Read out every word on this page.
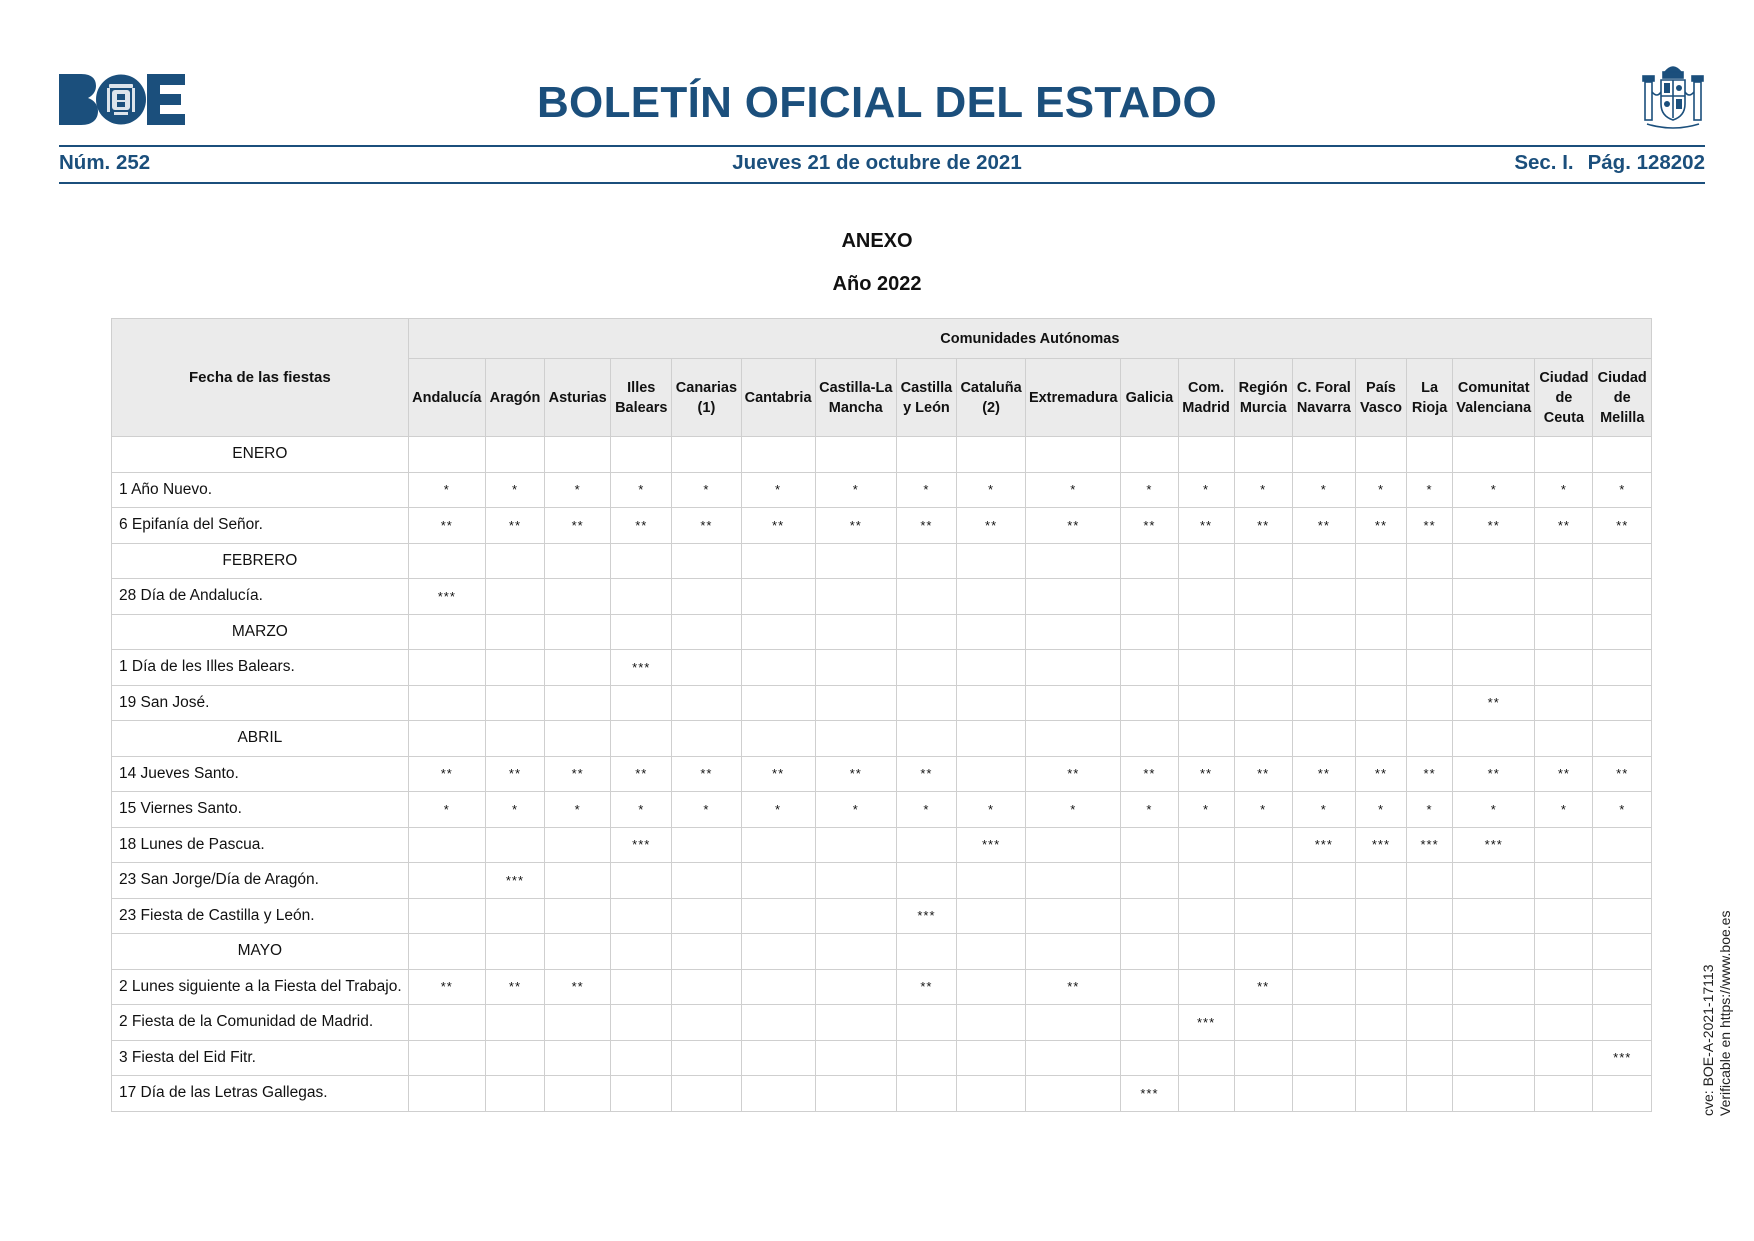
BOLETÍN OFICIAL DEL ESTADO
Núm. 252	Jueves 21 de octubre de 2021	Sec. I. Pág. 128202
ANEXO
Año 2022
Fecha de las fiestas	Comunidades Autónomas																		
	Andalucía	Aragón	Asturias	Illes Balears	Canarias (1)	Cantabria	Castilla-La Mancha	Castilla y León	Cataluña (2)	Extremadura	Galicia	Com. Madrid	Región Murcia	C. Foral Navarra	País Vasco	La Rioja	Comunitat Valenciana	Ciudad de Ceuta	Ciudad de Melilla
ENERO																			
1 Año Nuevo.	*	*	*	*	*	*	*	*	*	*	*	*	*	*	*	*	*	*	*
6 Epifanía del Señor.	**	**	**	**	**	**	**	**	**	**	**	**	**	**	**	**	**	**	**
FEBRERO																			
28 Día de Andalucía.	***																		
MARZO																			
1 Día de les Illes Balears.				***															
19 San José.																	**		
ABRIL																			
14 Jueves Santo.	**	**	**	**	**	**	**	**		**	**	**	**	**	**	**	**	**	**
15 Viernes Santo.	*	*	*	*	*	*	*	*	*	*	*	*	*	*	*	*	*	*	*
18 Lunes de Pascua.				***					***					***	***	***	***		
23 San Jorge/Día de Aragón.		***																	
23 Fiesta de Castilla y León.								***											
MAYO																			
2 Lunes siguiente a la Fiesta del Trabajo.	**	**	**					**		**			**						
2 Fiesta de la Comunidad de Madrid.												***							
3 Fiesta del Eid Fitr.																			***
17 Día de las Letras Gallegas.											***									cve: BOE-A-2021-17113 Verificable en https://www.boe.es
